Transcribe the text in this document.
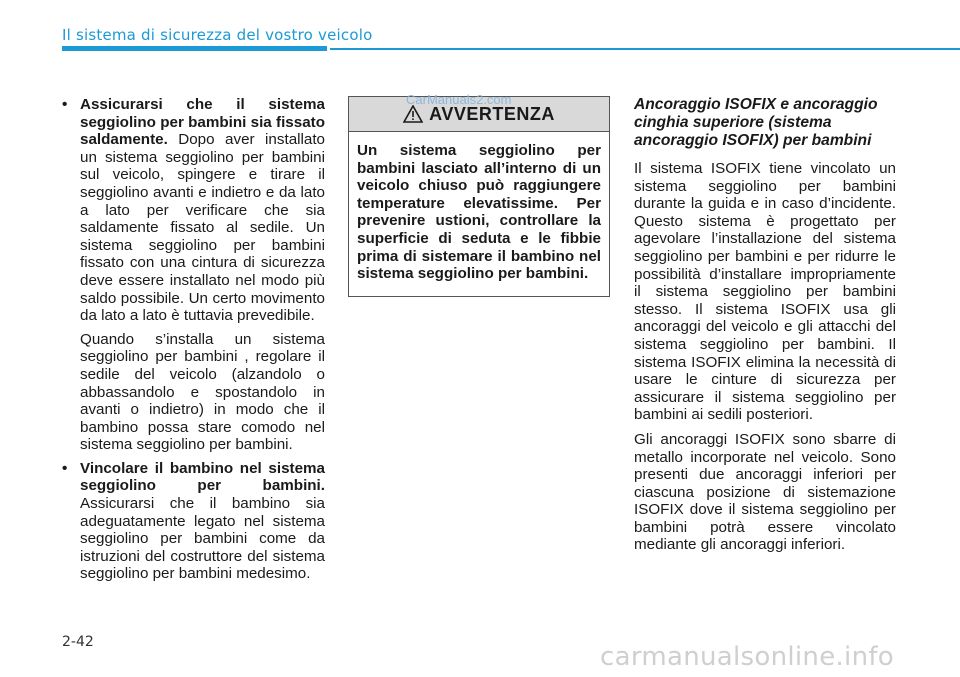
Il sistema di sicurezza del vostro veicolo
• Assicurarsi che il sistema seggiolino per bambini sia fissato saldamente. Dopo aver installato un sistema seggiolino per bambini sul veicolo, spingere e tirare il seggiolino avanti e indietro e da lato a lato per verificare che sia saldamente fissato al sedile. Un sistema seggiolino per bambini fissato con una cintura di sicurezza deve essere installato nel modo più saldo possibile. Un certo movimento da lato a lato è tuttavia prevedibile.
Quando s’installa un sistema seggiolino per bambini , regolare il sedile del veicolo (alzandolo o abbassandolo e spostandolo in avanti o indietro) in modo che il bambino possa stare comodo nel sistema seggiolino per bambini.
• Vincolare il bambino nel sistema seggiolino per bambini. Assicurarsi che il bambino sia adeguatamente legato nel sistema seggiolino per bambini come da istruzioni del costruttore del sistema seggiolino per bambini medesimo.
AVVERTENZA
Un sistema seggiolino per bambini lasciato all’interno di un veicolo chiuso può raggiungere temperature elevatissime. Per prevenire ustioni, controllare la superficie di seduta e le fibbie prima di sistemare il bambino nel sistema seggiolino per bambini.
CarManuals2.com	Ancoraggio ISOFIX e ancoraggio cinghia superiore (sistema ancoraggio ISOFIX) per bambini
Il sistema ISOFIX tiene vincolato un sistema seggiolino per bambini durante la guida e in caso d’incidente. Questo sistema è progettato per agevolare l’installazione del sistema seggiolino per bambini e per ridurre le possibilità d’installare impropriamente il sistema seggiolino per bambini stesso. Il sistema ISOFIX usa gli ancoraggi del veicolo e gli attacchi del sistema seggiolino per bambini. Il sistema ISOFIX elimina la necessità di usare le cinture di sicurezza per assicurare il sistema seggiolino per bambini ai sedili posteriori.
Gli ancoraggi ISOFIX sono sbarre di metallo incorporate nel veicolo. Sono presenti due ancoraggi inferiori per ciascuna posizione di sistemazione ISOFIX dove il sistema seggiolino per bambini potrà essere vincolato mediante gli ancoraggi inferiori.
2-42	carmanualsonline.info
